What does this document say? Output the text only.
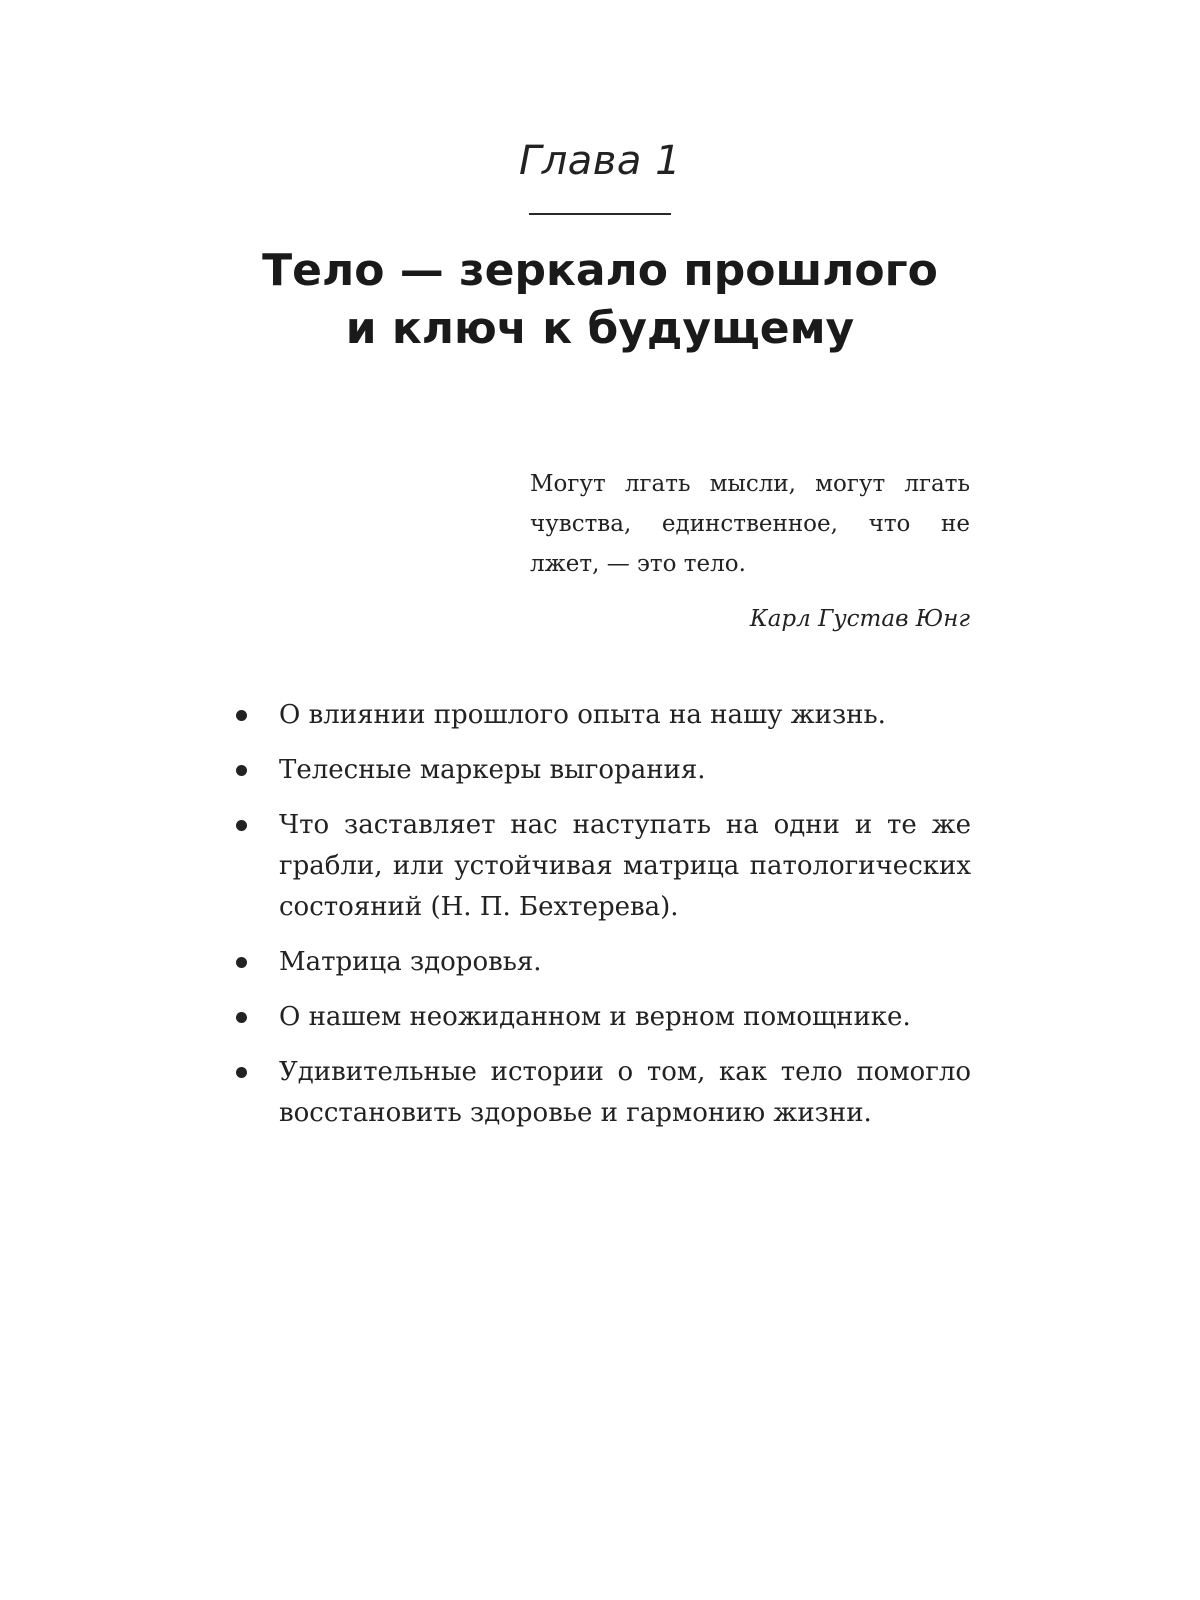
Глава 1
Тело — зеркало прошлого
и ключ к будущему

Могут лгать мысли, могут лгать чувства, единственное, что не лжет, — это тело.

Карл Густав Юнг
О влиянии прошлого опыта на нашу жизнь.
Телесные маркеры выгорания.
Что заставляет нас наступать на одни и те же грабли, или устойчивая матрица патологических состояний (Н. П. Бехтерева).
Матрица здоровья.
О нашем неожиданном и верном помощнике.
Удивительные истории о том, как тело помогло восстановить здоровье и гармонию жизни.
